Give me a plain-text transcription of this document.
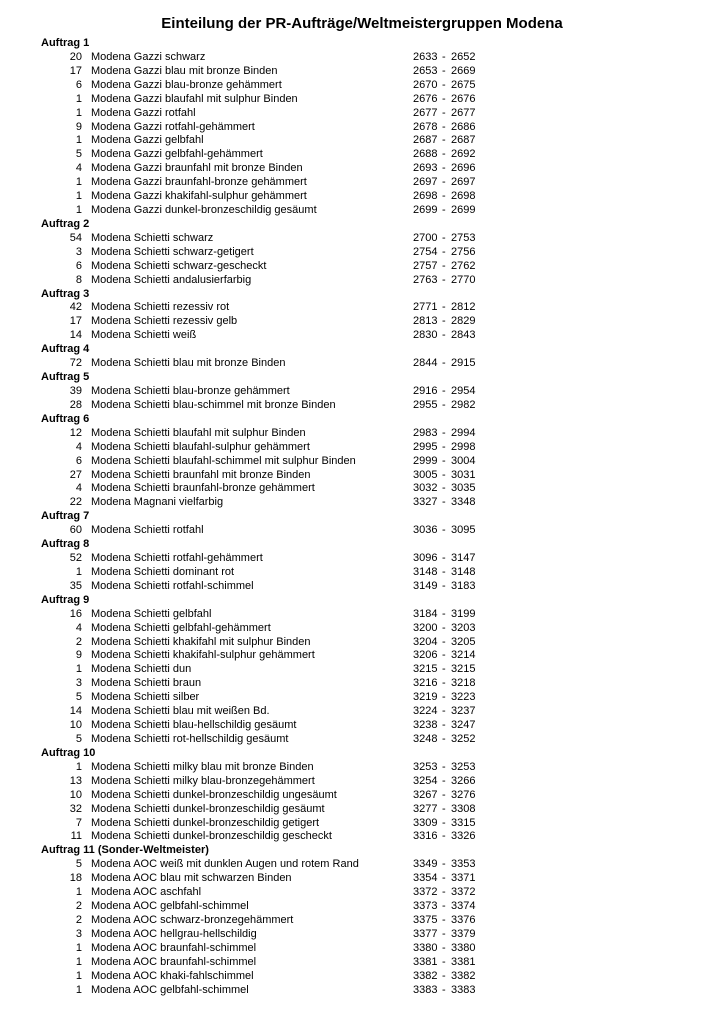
Einteilung der PR-Aufträge/Weltmeistergruppen Modena
Auftrag 1
20 Modena Gazzi schwarz	2633 - 2652
17 Modena Gazzi blau mit bronze Binden	2653 - 2669
6 Modena Gazzi blau-bronze gehämmert	2670 - 2675
1 Modena Gazzi blaufahl mit sulphur Binden	2676 - 2676
1 Modena Gazzi rotfahl	2677 - 2677
9 Modena Gazzi rotfahl-gehämmert	2678 - 2686
1 Modena Gazzi gelbfahl	2687 - 2687
5 Modena Gazzi gelbfahl-gehämmert	2688 - 2692
4 Modena Gazzi braunfahl mit bronze Binden	2693 - 2696
1 Modena Gazzi braunfahl-bronze gehämmert	2697 - 2697
1 Modena Gazzi khakifahl-sulphur gehämmert	2698 - 2698
1 Modena Gazzi dunkel-bronzeschildig gesäumt	2699 - 2699
Auftrag 2
54 Modena Schietti schwarz	2700 - 2753
3 Modena Schietti schwarz-getigert	2754 - 2756
6 Modena Schietti schwarz-gescheckt	2757 - 2762
8 Modena Schietti andalusierfarbig	2763 - 2770
Auftrag 3
42 Modena Schietti rezessiv rot	2771 - 2812
17 Modena Schietti rezessiv gelb	2813 - 2829
14 Modena Schietti weiß	2830 - 2843
Auftrag 4
72 Modena Schietti blau mit bronze Binden	2844 - 2915
Auftrag 5
39 Modena Schietti blau-bronze gehämmert	2916 - 2954
28 Modena Schietti blau-schimmel mit bronze Binden	2955 - 2982
Auftrag 6
12 Modena Schietti blaufahl mit sulphur Binden	2983 - 2994
4 Modena Schietti blaufahl-sulphur gehämmert	2995 - 2998
6 Modena Schietti blaufahl-schimmel mit sulphur Binden	2999 - 3004
27 Modena Schietti braunfahl mit bronze Binden	3005 - 3031
4 Modena Schietti braunfahl-bronze gehämmert	3032 - 3035
22 Modena Magnani vielfarbig	3327 - 3348
Auftrag 7
60 Modena Schietti rotfahl	3036 - 3095
Auftrag 8
52 Modena Schietti rotfahl-gehämmert	3096 - 3147
1 Modena Schietti dominant rot	3148 - 3148
35 Modena Schietti rotfahl-schimmel	3149 - 3183
Auftrag 9
16 Modena Schietti gelbfahl	3184 - 3199
4 Modena Schietti gelbfahl-gehämmert	3200 - 3203
2 Modena Schietti khakifahl mit sulphur Binden	3204 - 3205
9 Modena Schietti khakifahl-sulphur gehämmert	3206 - 3214
1 Modena Schietti dun	3215 - 3215
3 Modena Schietti braun	3216 - 3218
5 Modena Schietti silber	3219 - 3223
14 Modena Schietti blau mit weißen Bd.	3224 - 3237
10 Modena Schietti blau-hellschildig gesäumt	3238 - 3247
5 Modena Schietti rot-hellschildig gesäumt	3248 - 3252
Auftrag 10
1 Modena Schietti milky blau mit bronze Binden	3253 - 3253
13 Modena Schietti milky blau-bronzegehämmert	3254 - 3266
10 Modena Schietti dunkel-bronzeschildig ungesäumt	3267 - 3276
32 Modena Schietti dunkel-bronzeschildig gesäumt	3277 - 3308
7 Modena Schietti dunkel-bronzeschildig getigert	3309 - 3315
11 Modena Schietti dunkel-bronzeschildig gescheckt	3316 - 3326
Auftrag 11 (Sonder-Weltmeister)
5 Modena AOC weiß mit dunklen Augen und rotem Rand	3349 - 3353
18 Modena AOC blau mit schwarzen Binden	3354 - 3371
1 Modena AOC aschfahl	3372 - 3372
2 Modena AOC gelbfahl-schimmel	3373 - 3374
2 Modena AOC schwarz-bronzegehämmert	3375 - 3376
3 Modena AOC hellgrau-hellschildig	3377 - 3379
1 Modena AOC braunfahl-schimmel	3380 - 3380
1 Modena AOC braunfahl-schimmel	3381 - 3381
1 Modena AOC khaki-fahlschimmel	3382 - 3382
1 Modena AOC gelbfahl-schimmel	3383 - 3383
